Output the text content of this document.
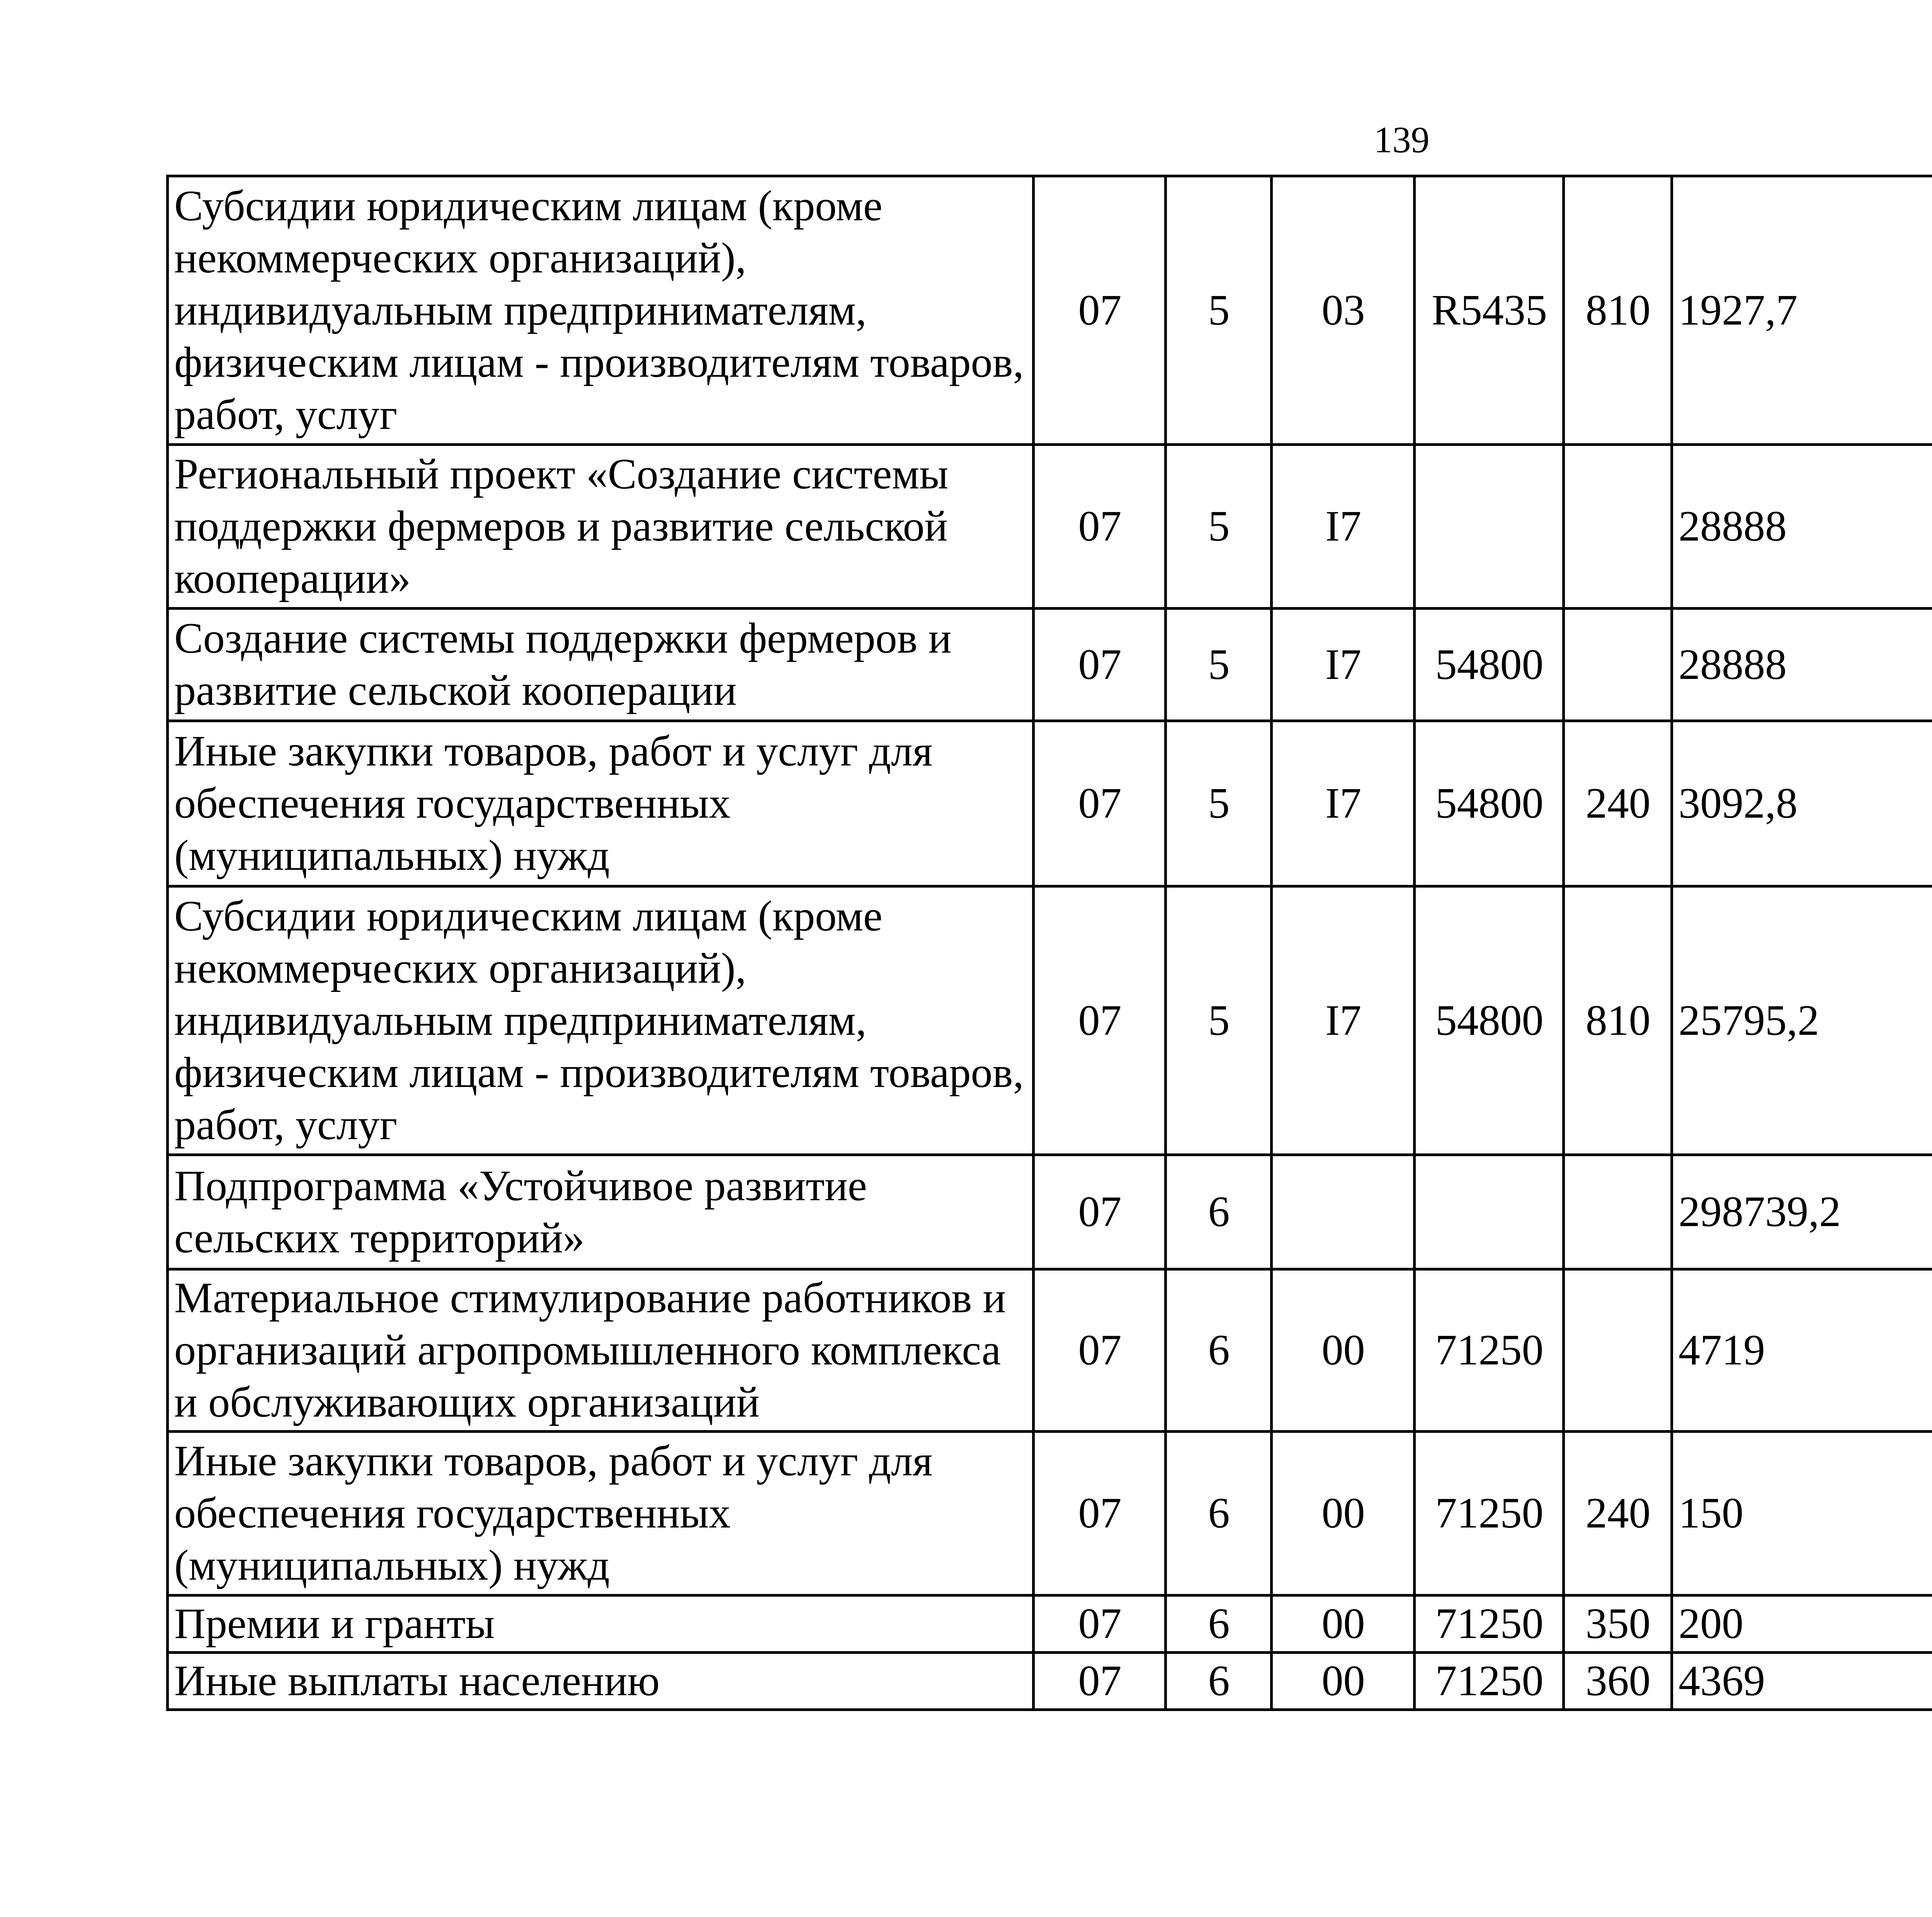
139
Субсидии юридическим лицам (кроме некоммерческих организаций), индивидуальным предпринимателям, физическим лицам - производителям товаров, работ, услуг	07	5	03	R5435	810	1927,7		
Региональный проект «Создание системы поддержки фермеров и развитие сельской кооперации»	07	5	I7			28888		
Создание системы поддержки фермеров и развитие сельской кооперации	07	5	I7	54800		28888		
Иные закупки товаров, работ и услуг для обеспечения государственных (муниципальных) нужд	07	5	I7	54800	240	3092,8		
Субсидии юридическим лицам (кроме некоммерческих организаций), индивидуальным предпринимателям, физическим лицам - производителям товаров, работ, услуг	07	5	I7	54800	810	25795,2		
Подпрограмма «Устойчивое развитие сельских территорий»	07	6				298739,2		
Материальное стимулирование работников и организаций агропромышленного комплекса и обслуживающих организаций	07	6	00	71250		4719		
Иные закупки товаров, работ и услуг для обеспечения государственных (муниципальных) нужд	07	6	00	71250	240	150		
Премии и гранты	07	6	00	71250	350	200		
Иные выплаты населению	07	6	00	71250	360	4369		
